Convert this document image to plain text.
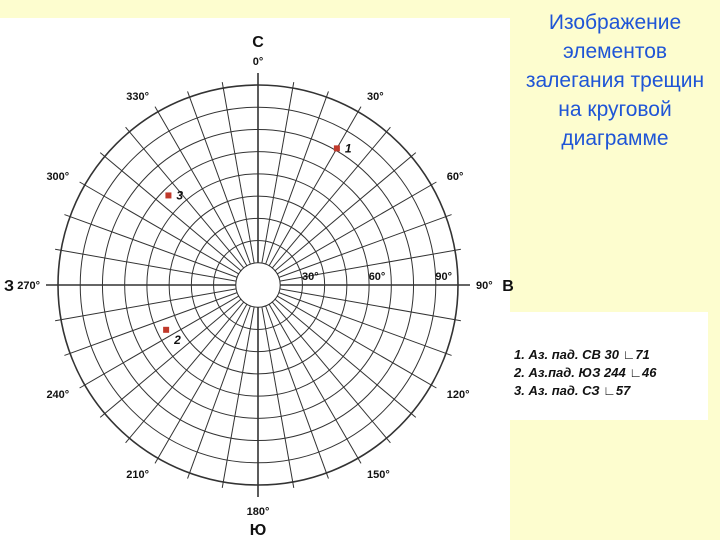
0°
30°
60°
90°
120°
150°
180°
210°
240°
270°
300°
330°
30°	60°	90°
С
Ю
З	В
1
2
3
Изображение элементов залегания трещин на круговой диаграмме
1. Аз. пад. СВ 30 ∟71
2. Аз.пад. ЮЗ 244 ∟46
3. Аз. пад. СЗ ∟57
